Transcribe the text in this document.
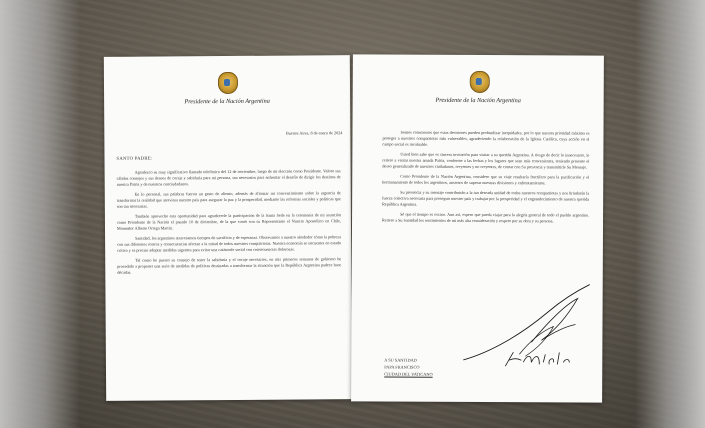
Presidente de la Nación Argentina
Buenos Aires, 8 de enero de 2024
SANTO PADRE:

Agradezco su muy significativo llamado telefónico del 12 de noviembre, luego de mi elección como Presidente. Valoro sus cálidos consejos y sus deseos de coraje y sabiduría para mi persona, tan necesarios para enfrentar el desafío de dirigir los destinos de nuestra Patria y de nuestros conciudadanos.

En lo personal, sus palabras fueron un gesto de aliento, además de afianzar mi convencimiento sobre la urgencia de transformar la realidad que atraviesa nuestro país para asegurar la paz y la prosperidad, mediante las reformas sociales y políticas que son tan necesarias.

También aprovecho esta oportunidad para agradecerle la participación de la Santa Sede en la ceremonia de mi asunción como Presidente de la Nación el pasado 10 de diciembre, de la que contó con su Representante el Nuncio Apostólico en Chile, Monseñor Alberto Ortega Martín.

Santidad, los argentinos atravesamos tiempos de sacrificio y de esperanza. Observamos a nuestro alrededor cómo la pobreza con sus diferentes rostros y consecuencias afectan a la mitad de todos nuestros compatriotas. Nuestra economía se encuentra en estado crítico y es preciso adoptar medidas urgentes para evitar una catástrofe social con consecuencias dolorosas.

Tal como he puesto su consejo de tener la sabiduría y el coraje necesarios, en mis primeros semanas de gobierno he procedido a proponer una serie de medidas de políticas destinadas a transformar la situación que la República Argentina padece hace décadas.

Presidente de la Nación Argentina

Somos conscientes que estas decisiones pueden profundizar inequidades, por lo que nuestra prioridad máxima es proteger a nuestros compatriotas más vulnerables, agradeciendo la colaboración de la Iglesia Católica, cuya acción en el campo social es invaluable.

Usted bien sabe que es sincera invitación para visitar a su querida Argentina. A riesgo de decir lo innecesario, le reitero a visitar nuestra amada Patria, conforme a las fechas y los lugares que sean más convenientes, teniendo presente el deseo generalizado de nuestros ciudadanos, creyentes y no creyentes, de contar con Su presencia y transmitirle Su Mensaje.

Como Presidente de la Nación Argentina, considero que su viaje resultaría fructífero para la pacificación y el hermanamiento de todos los argentinos, ansiosos de superar nuestras divisiones y enfrentamientos.

Su presencia y su mensaje contribuirán a la tan deseada unidad de todos nuestros compatriotas y nos brindarán la fuerza colectiva necesaria para proseguir nuestro país y trabajar por la prosperidad y el engrandecimiento de nuestra querida República Argentina.

Sé que el tiempo es escaso. Aun así, espero que pueda viajar para la alegría general de todo el pueblo argentino. Reitero a Su Santidad los sentimientos de mi más alta consideración y respeto por su obra y su persona.

A SU SANTIDAD
PAPA FRANCISCO
CIUDAD DEL VATICANO
